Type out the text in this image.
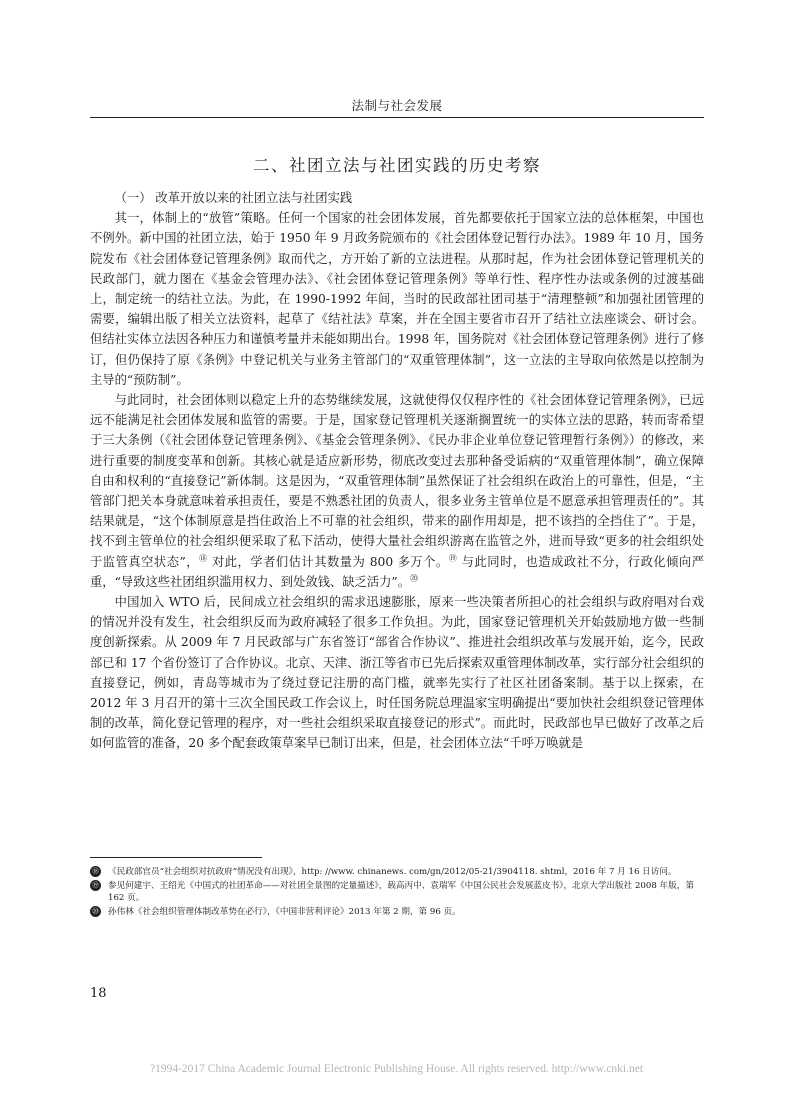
法制与社会发展
二、社团立法与社团实践的历史考察

（一） 改革开放以来的社团立法与社团实践

其一，体制上的“放管”策略。任何一个国家的社会团体发展，首先都要依托于国家立法的总体框架，中国也不例外。新中国的社团立法，始于 1950 年 9 月政务院颁布的《社会团体登记暂行办法》。1989 年 10 月，国务院发布《社会团体登记管理条例》取而代之，方开始了新的立法进程。从那时起，作为社会团体登记管理机关的民政部门，就力图在《基金会管理办法》、《社会团体登记管理条例》等单行性、程序性办法或条例的过渡基础上，制定统一的结社立法。为此，在 1990-1992 年间，当时的民政部社团司基于“清理整顿”和加强社团管理的需要，编辑出版了相关立法资料，起草了《结社法》草案，并在全国主要省市召开了结社立法座谈会、研讨会。但结社实体立法因各种压力和谨慎考量并未能如期出台。1998 年，国务院对《社会团体登记管理条例》进行了修订，但仍保持了原《条例》中登记机关与业务主管部门的“双重管理体制”，这一立法的主导取向依然是以控制为主导的“预防制”。

与此同时，社会团体则以稳定上升的态势继续发展，这就使得仅仅程序性的《社会团体登记管理条例》，已远远不能满足社会团体发展和监管的需要。于是，国家登记管理机关逐渐搁置统一的实体立法的思路，转而寄希望于三大条例（《社会团体登记管理条例》、《基金会管理条例》、《民办非企业单位登记管理暂行条例》）的修改，来进行重要的制度变革和创新。其核心就是适应新形势，彻底改变过去那种备受诟病的“双重管理体制”，确立保障自由和权利的“直接登记”新体制。这是因为，“双重管理体制”虽然保证了社会组织在政治上的可靠性，但是，“主管部门把关本身就意味着承担责任，要是不熟悉社团的负责人，很多业务主管单位是不愿意承担管理责任的”。其结果就是，“这个体制原意是挡住政治上不可靠的社会组织，带来的副作用却是，把不该挡的全挡住了”。于是，找不到主管单位的社会组织便采取了私下活动，使得大量社会组织游离在监管之外，进而导致“更多的社会组织处于监管真空状态”，⑱ 对此，学者们估计其数量为 800 多万个。⑲ 与此同时，也造成政社不分，行政化倾向严重，“导致这些社团组织滥用权力、到处敛钱、缺乏活力”。⑳

中国加入 WTO 后，民间成立社会组织的需求迅速膨胀，原来一些决策者所担心的社会组织与政府唱对台戏的情况并没有发生，社会组织反而为政府减轻了很多工作负担。为此，国家登记管理机关开始鼓励地方做一些制度创新探索。从 2009 年 7 月民政部与广东省签订“部省合作协议”、推进社会组织改革与发展开始，迄今，民政部已和 17 个省份签订了合作协议。北京、天津、浙江等省市已先后探索双重管理体制改革，实行部分社会组织的直接登记，例如，青岛等城市为了绕过登记注册的高门槛，就率先实行了社区社团备案制。基于以上探索，在 2012 年 3 月召开的第十三次全国民政工作会议上，时任国务院总理温家宝明确提出“要加快社会组织登记管理体制的改革，简化登记管理的程序，对一些社会组织采取直接登记的形式”。而此时，民政部也早已做好了改革之后如何监管的准备，20 多个配套政策草案早已制订出来，但是，社会团体立法“千呼万唤就是

⑱ 《民政部官员“社会组织对抗政府”情况没有出现》，http: //www. chinanews. com/gn/2012/05-21/3904118. shtml，2016 年 7 月 16 日访问。
⑲ 参见何建宇、王绍光《中国式的社团革命——对社团全景图的定量描述》，载高丙中、袁瑞军《中国公民社会发展蓝皮书》，北京大学出版社 2008 年版，第 162 页。
⑳ 孙伟林《社会组织管理体制改革势在必行》，《中国非营利评论》2013 年第 2 期，第 96 页。
18
?1994-2017 China Academic Journal Electronic Publishing House. All rights reserved. http://www.cnki.net
